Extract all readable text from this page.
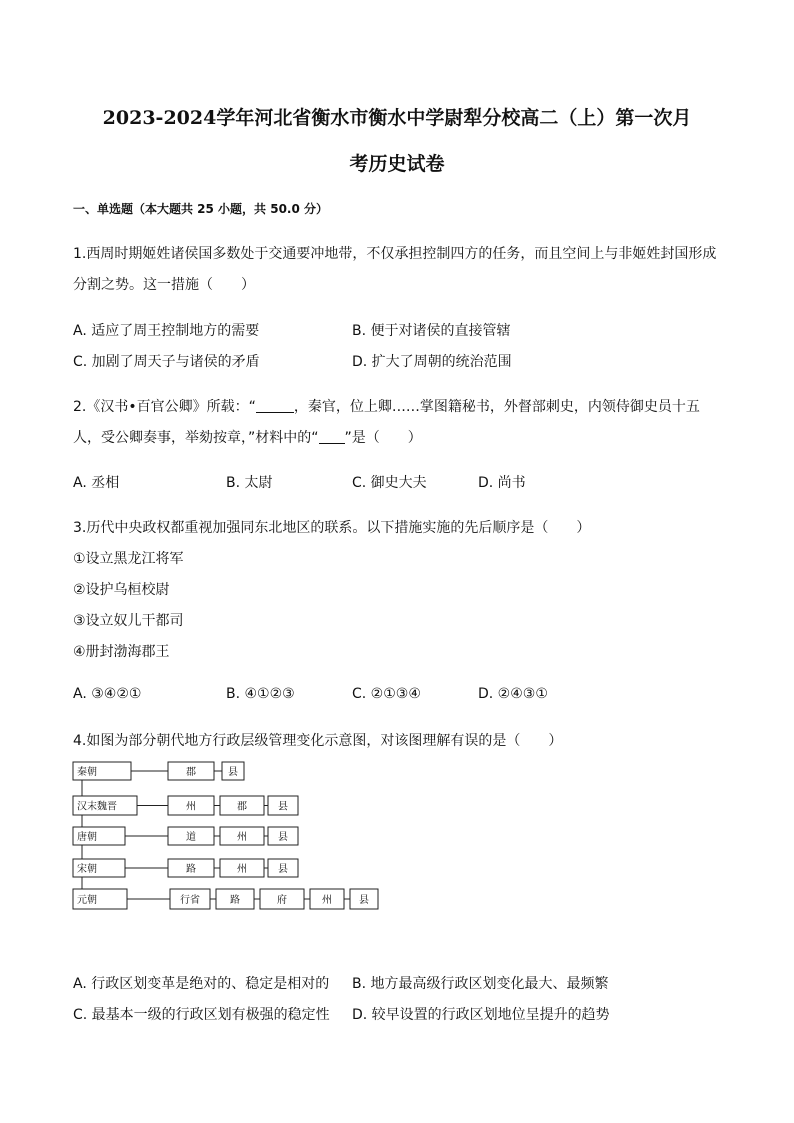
2023-2024学年河北省衡水市衡水中学尉犁分校高二（上）第一次月
考历史试卷
一、单选题（本大题共 25 小题，共 50.0 分）
1.西周时期姬姓诸侯国多数处于交通要冲地带，不仅承担控制四方的任务，而且空间上与非姬姓封国形成
分割之势。这一措施（　　）
A. 适应了周王控制地方的需要	B. 便于对诸侯的直接管辖
C. 加剧了周天子与诸侯的矛盾	D. 扩大了周朝的统治范围
2.《汉书•百官公卿》所载：“	，秦官，位上卿……掌图籍秘书，外督部刺史，内领侍御史员十五
人，受公卿奏事，举劾按章，”材料中的“ ”是（　　）
A. 丞相	B. 太尉	C. 御史大夫	D. 尚书
3.历代中央政权都重视加强同东北地区的联系。以下措施实施的先后顺序是（　　）
①设立黑龙江将军
②设护乌桓校尉
③设立奴儿干都司
④册封渤海郡王
A. ③④②①	B. ④①②③	C. ②①③④	D. ②④③①
4.如图为部分朝代地方行政层级管理变化示意图，对该图理解有误的是（　　）
秦朝	郡	县
汉末魏晋	州	郡	县
唐朝	道	州	县
宋朝	路	州	县
元朝	行省	路	府	州	县
A. 行政区划变革是绝对的、稳定是相对的 B. 地方最高级行政区划变化最大、最频繁
C. 最基本一级的行政区划有极强的稳定性 D. 较早设置的行政区划地位呈提升的趋势
